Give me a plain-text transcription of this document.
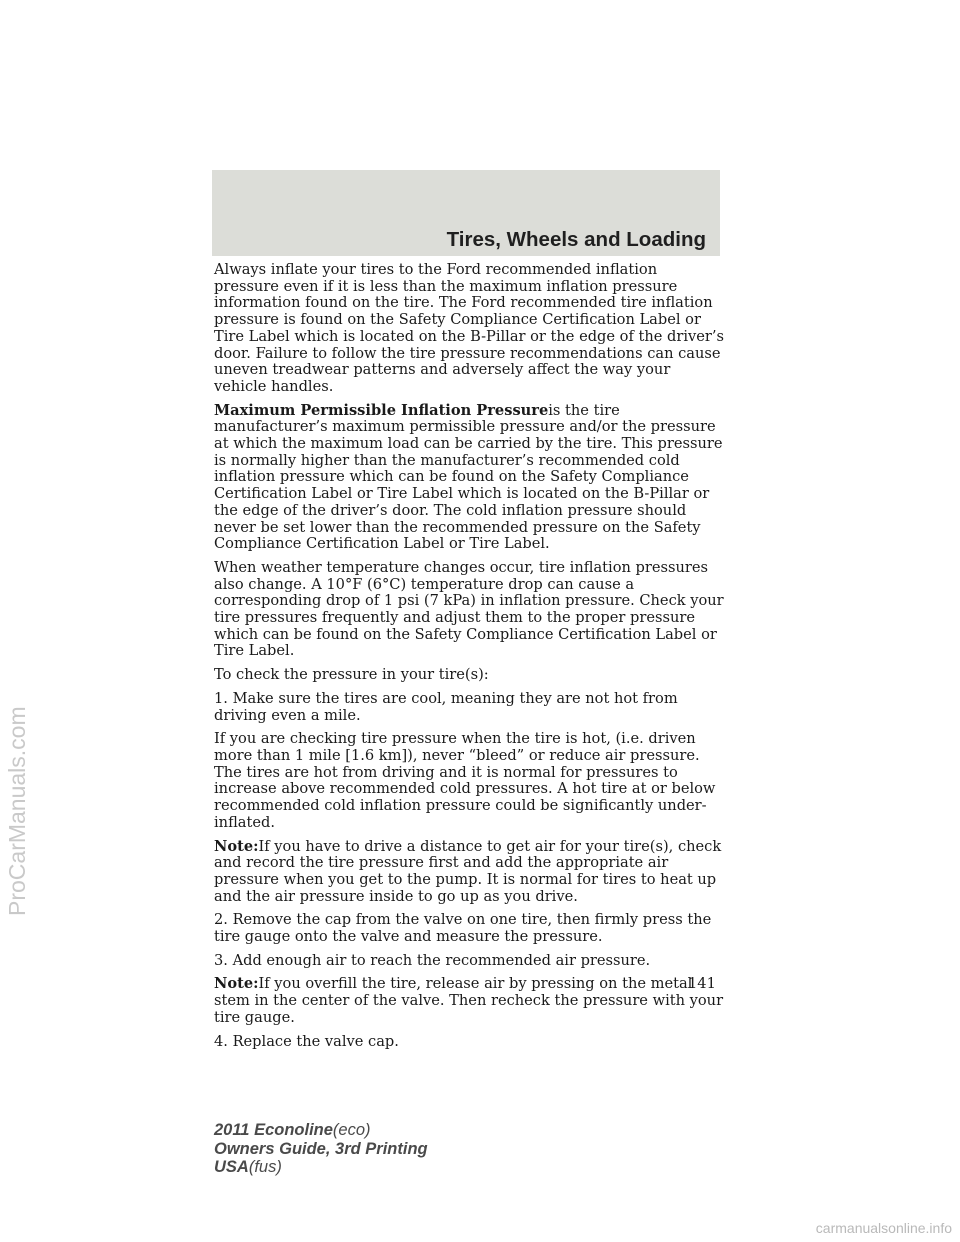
Tires, Wheels and Loading

Always inflate your tires to the Ford recommended inflation pressure even if it is less than the maximum inflation pressure information found on the tire. The Ford recommended tire inflation pressure is found on the Safety Compliance Certification Label or Tire Label which is located on the B-Pillar or the edge of the driver’s door. Failure to follow the tire pressure recommendations can cause uneven treadwear patterns and adversely affect the way your vehicle handles.

Maximum Permissible Inflation Pressureis the tire manufacturer’s maximum permissible pressure and/or the pressure at which the maximum load can be carried by the tire. This pressure is normally higher than the manufacturer’s recommended cold inflation pressure which can be found on the Safety Compliance Certification Label or Tire Label which is located on the B-Pillar or the edge of the driver’s door. The cold inflation pressure should never be set lower than the recommended pressure on the Safety Compliance Certification Label or Tire Label.

When weather temperature changes occur, tire inflation pressures also change. A 10°F (6°C) temperature drop can cause a corresponding drop of 1 psi (7 kPa) in inflation pressure. Check your tire pressures frequently and adjust them to the proper pressure which can be found on the Safety Compliance Certification Label or Tire Label.

To check the pressure in your tire(s):

1. Make sure the tires are cool, meaning they are not hot from driving even a mile.

If you are checking tire pressure when the tire is hot, (i.e. driven more than 1 mile [1.6 km]), never “bleed” or reduce air pressure. The tires are hot from driving and it is normal for pressures to increase above recommended cold pressures. A hot tire at or below recommended cold inflation pressure could be significantly under-inflated.

Note:If you have to drive a distance to get air for your tire(s), check and record the tire pressure first and add the appropriate air pressure when you get to the pump. It is normal for tires to heat up and the air pressure inside to go up as you drive.

2. Remove the cap from the valve on one tire, then firmly press the tire gauge onto the valve and measure the pressure.

3. Add enough air to reach the recommended air pressure.

Note:If you overfill the tire, release air by pressing on the metal stem in the center of the valve. Then recheck the pressure with your tire gauge.

4. Replace the valve cap.

141
2011 Econoline(eco)
Owners Guide, 3rd Printing
USA(fus)
ProCarManuals.com
carmanualsonline.info
